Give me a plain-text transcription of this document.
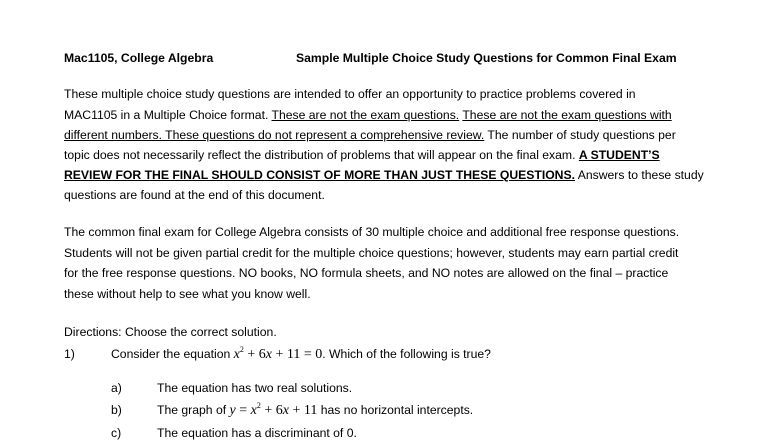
Mac1105, College Algebra	Sample Multiple Choice Study Questions for Common Final Exam
These multiple choice study questions are intended to offer an opportunity to practice problems covered in
MAC1105 in a Multiple Choice format. These are not the exam questions. These are not the exam questions with
different numbers. These questions do not represent a comprehensive review. The number of study questions per
topic does not necessarily reflect the distribution of problems that will appear on the final exam. A STUDENT’S
REVIEW FOR THE FINAL SHOULD CONSIST OF MORE THAN JUST THESE QUESTIONS. Answers to these study
questions are found at the end of this document.
The common final exam for College Algebra consists of 30 multiple choice and additional free response questions.
Students will not be given partial credit for the multiple choice questions; however, students may earn partial credit
for the free response questions. NO books, NO formula sheets, and NO notes are allowed on the final – practice
these without help to see what you know well.
Directions: Choose the correct solution.
1)	Consider the equation $x^2 + 6x + 11 = 0$. Which of the following is true?
a)	The equation has two real solutions.
b)	The graph of $y = x^2 + 6x + 11$ has no horizontal intercepts.
c)	The equation has a discriminant of 0.
